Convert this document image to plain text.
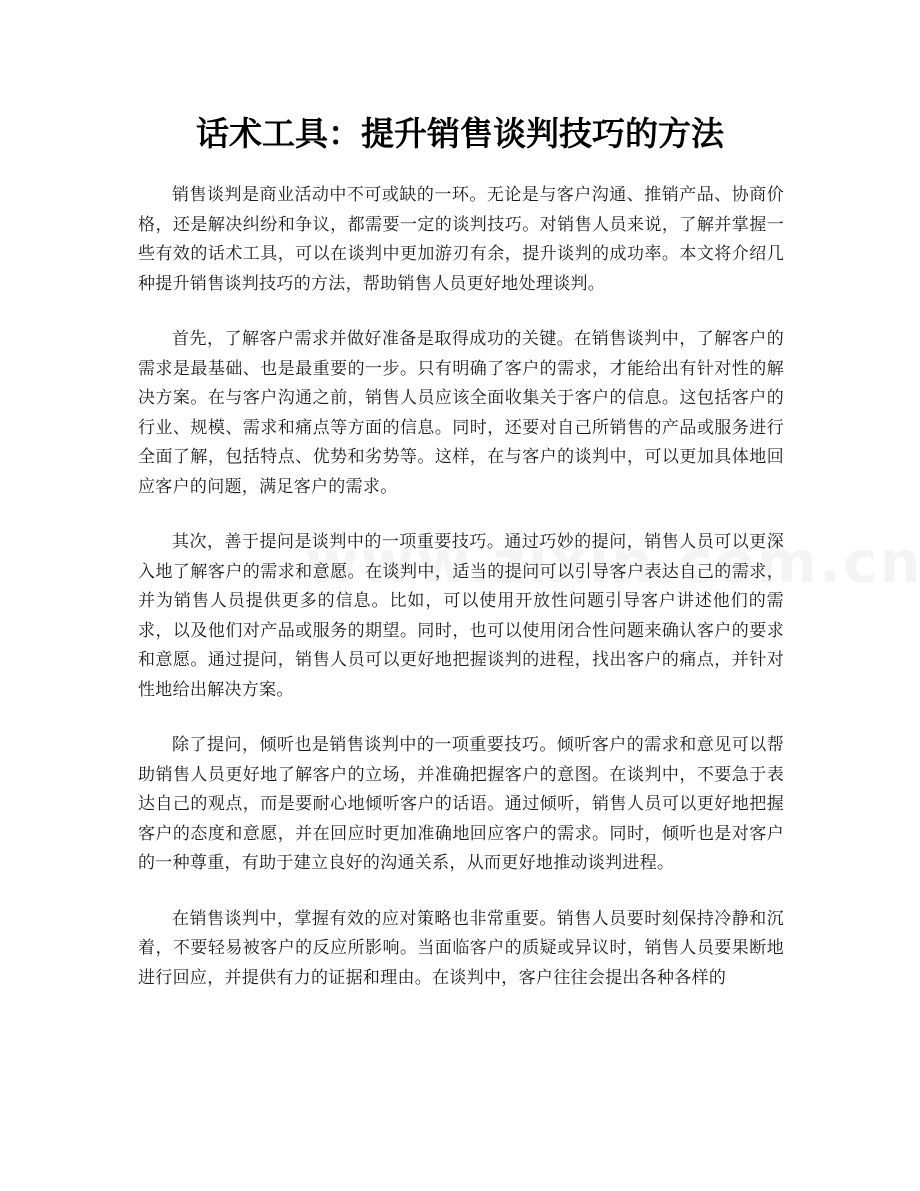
话术工具：提升销售谈判技巧的方法

销售谈判是商业活动中不可或缺的一环。无论是与客户沟通、推销产品、协商价格，还是解决纠纷和争议，都需要一定的谈判技巧。对销售人员来说，了解并掌握一些有效的话术工具，可以在谈判中更加游刃有余，提升谈判的成功率。本文将介绍几种提升销售谈判技巧的方法，帮助销售人员更好地处理谈判。

首先，了解客户需求并做好准备是取得成功的关键。在销售谈判中，了解客户的需求是最基础、也是最重要的一步。只有明确了客户的需求，才能给出有针对性的解决方案。在与客户沟通之前，销售人员应该全面收集关于客户的信息。这包括客户的行业、规模、需求和痛点等方面的信息。同时，还要对自己所销售的产品或服务进行全面了解，包括特点、优势和劣势等。这样，在与客户的谈判中，可以更加具体地回应客户的问题，满足客户的需求。

其次，善于提问是谈判中的一项重要技巧。通过巧妙的提问，销售人员可以更深入地了解客户的需求和意愿。在谈判中，适当的提问可以引导客户表达自己的需求，并为销售人员提供更多的信息。比如，可以使用开放性问题引导客户讲述他们的需求，以及他们对产品或服务的期望。同时，也可以使用闭合性问题来确认客户的要求和意愿。通过提问，销售人员可以更好地把握谈判的进程，找出客户的痛点，并针对性地给出解决方案。

除了提问，倾听也是销售谈判中的一项重要技巧。倾听客户的需求和意见可以帮助销售人员更好地了解客户的立场，并准确把握客户的意图。在谈判中，不要急于表达自己的观点，而是要耐心地倾听客户的话语。通过倾听，销售人员可以更好地把握客户的态度和意愿，并在回应时更加准确地回应客户的需求。同时，倾听也是对客户的一种尊重，有助于建立良好的沟通关系，从而更好地推动谈判进程。

在销售谈判中，掌握有效的应对策略也非常重要。销售人员要时刻保持冷静和沉着，不要轻易被客户的反应所影响。当面临客户的质疑或异议时，销售人员要果断地进行回应，并提供有力的证据和理由。在谈判中，客户往往会提出各种各样的
